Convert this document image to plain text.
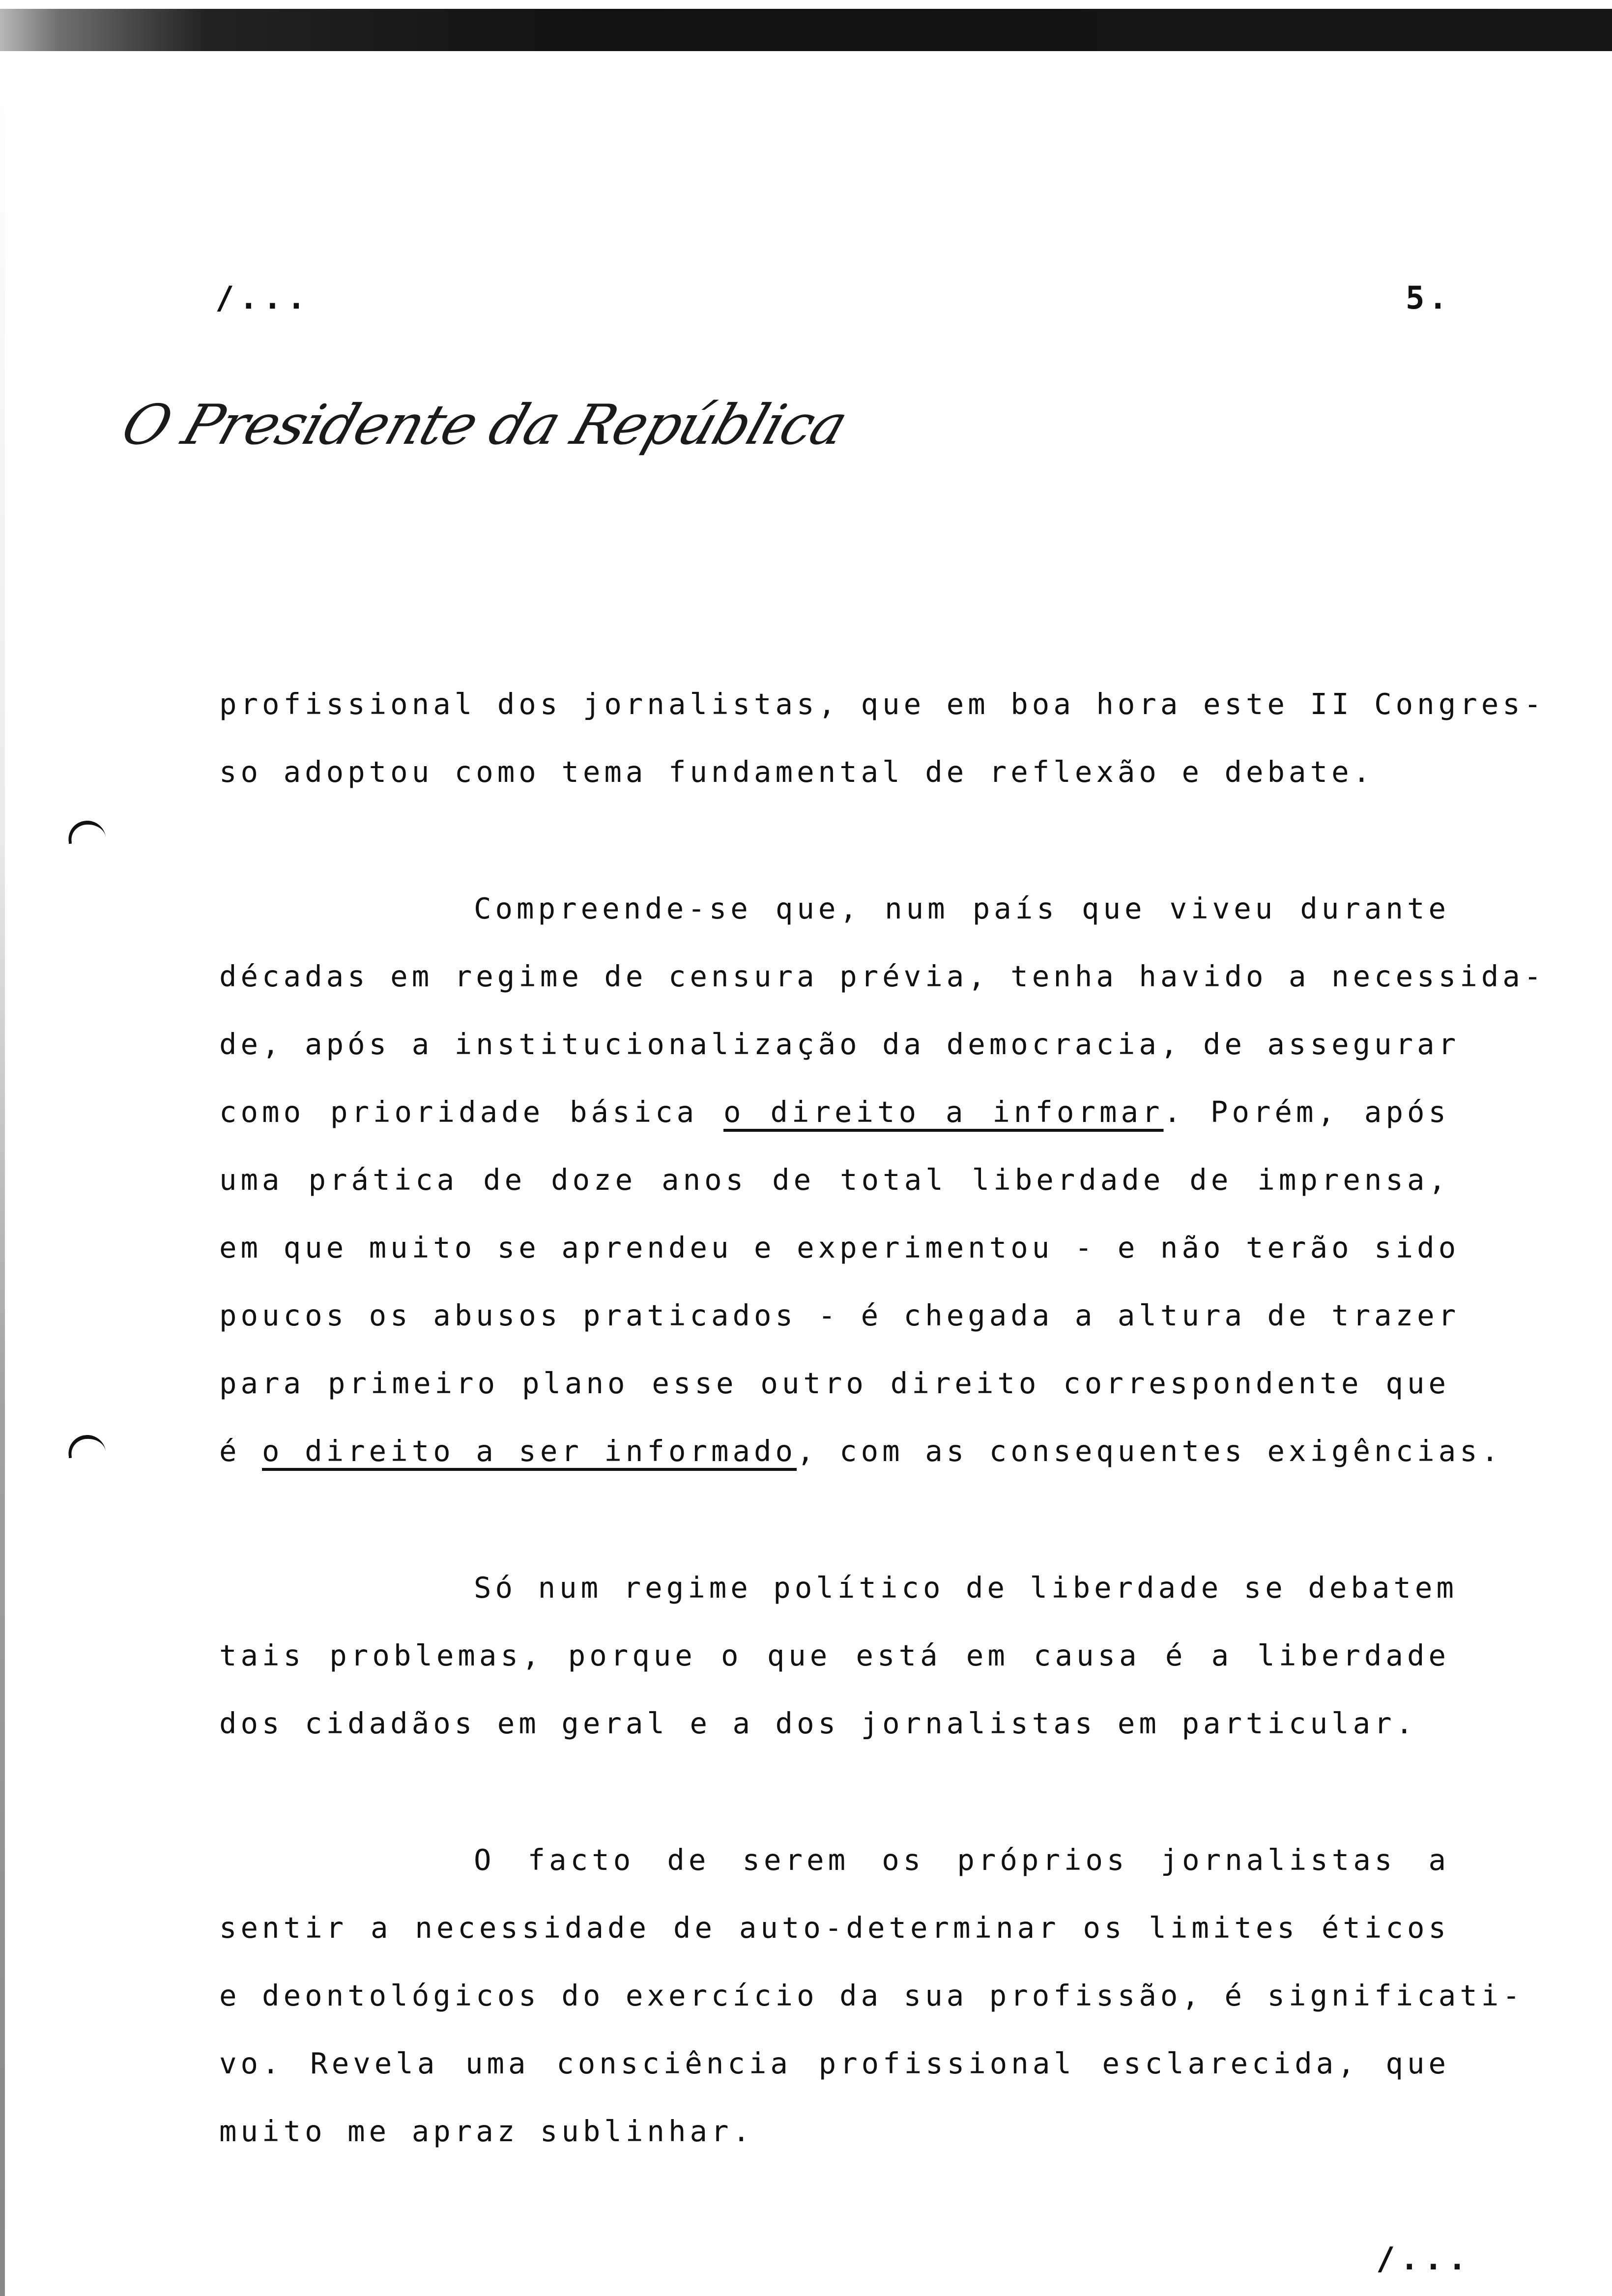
/...	5.
O Presidente da República
profissional dos jornalistas, que em boa hora este II Congres-
so adoptou como tema fundamental de reflexão e debate.
Compreende-se que, num país que viveu durante
décadas em regime de censura prévia, tenha havido a necessida-
de, após a institucionalização da democracia, de assegurar
como prioridade básica o direito a informar. Porém, após
uma prática de doze anos de total liberdade de imprensa,
em que muito se aprendeu e experimentou - e não terão sido
poucos os abusos praticados - é chegada a altura de trazer
para primeiro plano esse outro direito correspondente que
é o direito a ser informado, com as consequentes exigências.
Só num regime político de liberdade se debatem
tais problemas, porque o que está em causa é a liberdade
dos cidadãos em geral e a dos jornalistas em particular.
O facto de serem os próprios jornalistas a
sentir a necessidade de auto-determinar os limites éticos
e deontológicos do exercício da sua profissão, é significati-
vo. Revela uma consciência profissional esclarecida, que
muito me apraz sublinhar.
/...
